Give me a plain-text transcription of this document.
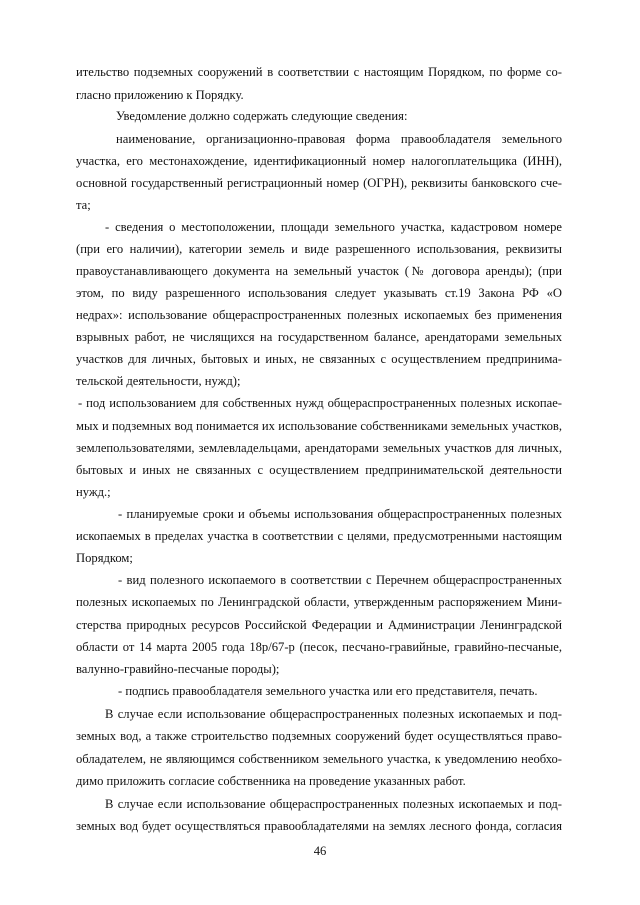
ительство подземных сооружений в соответствии с настоящим Порядком, по форме со-
гласно приложению к Порядку.
Уведомление должно содержать следующие сведения:
наименование, организационно-правовая форма правообладателя земельного
участка, его местонахождение, идентификационный номер налогоплательщика (ИНН),
основной государственный регистрационный номер (ОГРН), реквизиты банковского сче-
та;
- сведения о местоположении, площади земельного участка, кадастровом номере
(при его наличии), категории земель и виде разрешенного использования, реквизиты
правоустанавливающего документа на земельный участок (№ договора аренды); (при
этом, по виду разрешенного использования следует указывать ст.19 Закона РФ «О
недрах»: использование общераспространенных полезных ископаемых без применения
взрывных работ, не числящихся на государственном балансе, арендаторами земельных
участков для личных, бытовых и иных, не связанных с осуществлением предпринима-
тельской деятельности, нужд);
- под использованием для собственных нужд общераспространенных полезных ископае-
мых и подземных вод понимается их использование собственниками земельных участков,
землепользователями, землевладельцами, арендаторами земельных участков для личных,
бытовых и иных не связанных с осуществлением предпринимательской деятельности
нужд.;
- планируемые сроки и объемы использования общераспространенных полезных
ископаемых в пределах участка в соответствии с целями, предусмотренными настоящим
Порядком;
- вид полезного ископаемого в соответствии с Перечнем общераспространенных
полезных ископаемых по Ленинградской области, утвержденным распоряжением Мини-
стерства природных ресурсов Российской Федерации и Администрации Ленинградской
области от 14 марта 2005 года 18р/67-р (песок, песчано-гравийные, гравийно-песчаные,
валунно-гравийно-песчаные породы);
- подпись правообладателя земельного участка или его представителя, печать.
В случае если использование общераспространенных полезных ископаемых и под-
земных вод, а также строительство подземных сооружений будет осуществляться право-
обладателем, не являющимся собственником земельного участка, к уведомлению необхо-
димо приложить согласие собственника на проведение указанных работ.
В случае если использование общераспространенных полезных ископаемых и под-
земных вод будет осуществляться правообладателями на землях лесного фонда, согласия
46
